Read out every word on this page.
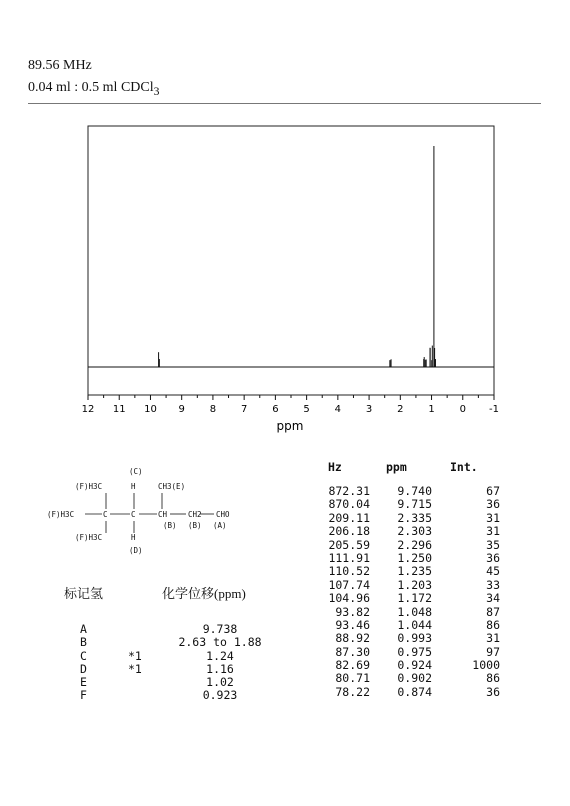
89.56 MHz
0.04 ml : 0.5 ml CDCl$_3$
12 11 10 9 8 7 6 5 4 3 2 1 0 -1
ppm
(C)
H	CH3(E)
(F)H3C
(F)H3C	C	C	CH	CH2 CHO
(B) (B) (A)
(F)H3C	H
(D)
标记氢	化学位移(ppm)
A	9.738
B	2.63 to 1.88
C	*1	1.24
D	*1	1.16
E	1.02
F	0.923
Hz	ppm	Int.
872.31	9.740	67
870.04	9.715	36
209.11	2.335	31
206.18	2.303	31
205.59	2.296	35
111.91	1.250	36
110.52	1.235	45
107.74	1.203	33
104.96	1.172	34
93.82	1.048	87
93.46	1.044	86
88.92	0.993	31
87.30	0.975	97
82.69	0.924	1000
80.71	0.902	86
78.22	0.874	36
